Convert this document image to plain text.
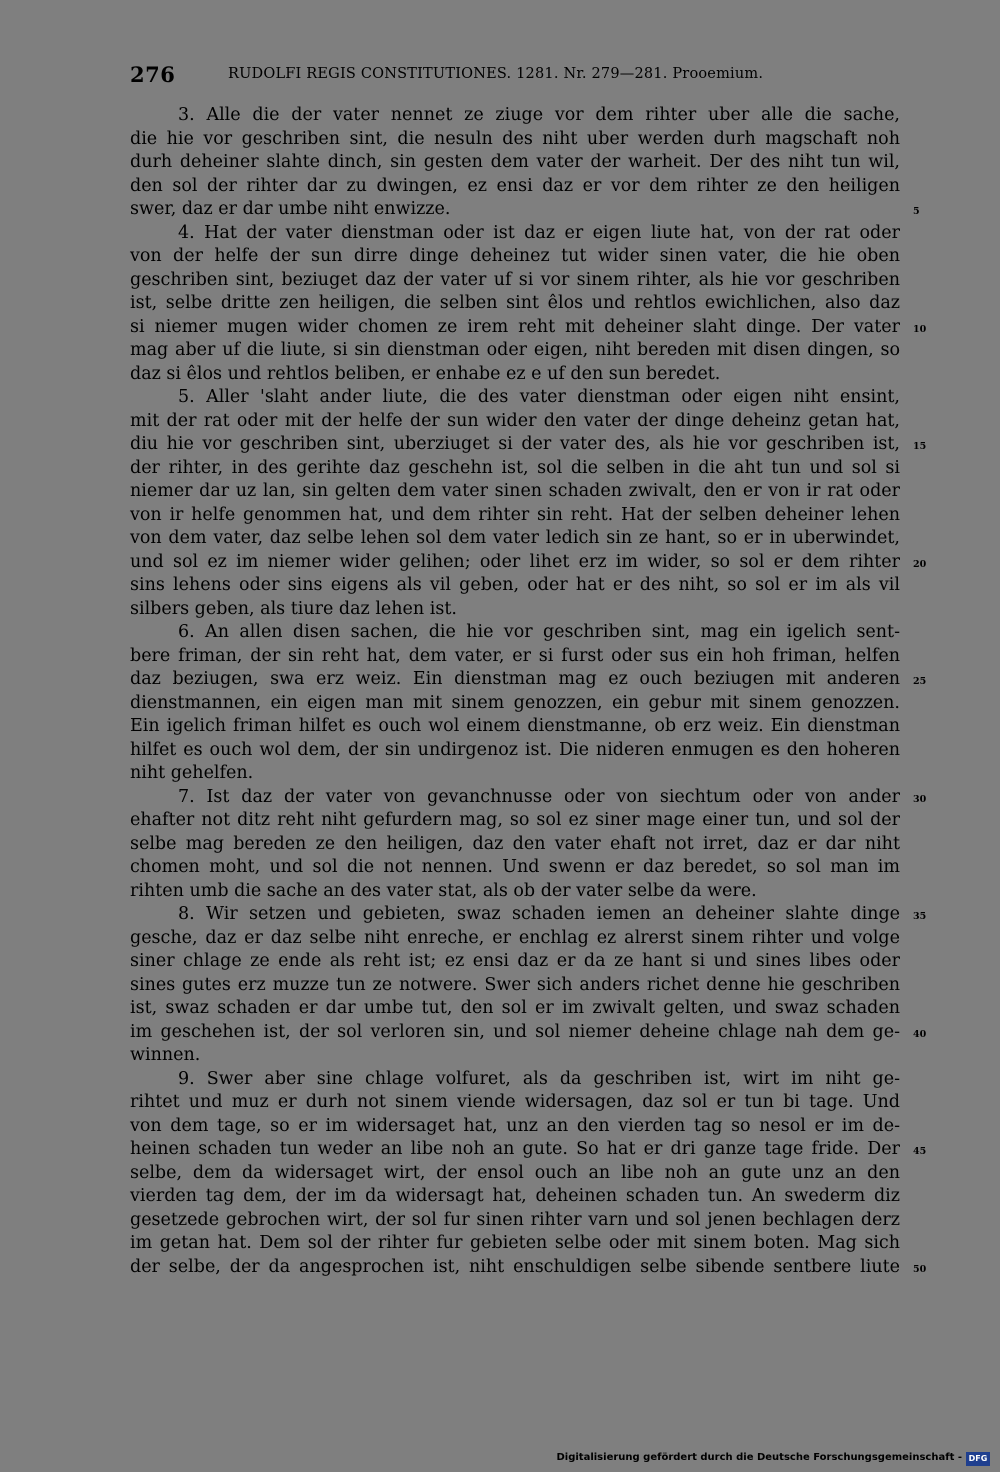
276	RUDOLFI REGIS CONSTITUTIONES. 1281. Nr. 279—281. Prooemium.
3. Alle die der vater nennet ze ziuge vor dem rihter uber alle die sache,
die hie vor geschriben sint, die nesuln des niht uber werden durh magschaft noh
durh deheiner slahte dinch, sin gesten dem vater der warheit. Der des niht tun wil,
den sol der rihter dar zu dwingen, ez ensi daz er vor dem rihter ze den heiligen
swer, daz er dar umbe niht enwizze.	5
4. Hat der vater dienstman oder ist daz er eigen liute hat, von der rat oder
von der helfe der sun dirre dinge deheinez tut wider sinen vater, die hie oben
geschriben sint, beziuget daz der vater uf si vor sinem rihter, als hie vor geschriben
ist, selbe dritte zen heiligen, die selben sint êlos und rehtlos ewichlichen, also daz
si niemer mugen wider chomen ze irem reht mit deheiner slaht dinge. Der vater 10
mag aber uf die liute, si sin dienstman oder eigen, niht bereden mit disen dingen, so
daz si êlos und rehtlos beliben, er enhabe ez e uf den sun beredet.
5. Aller 'slaht ander liute, die des vater dienstman oder eigen niht ensint,
mit der rat oder mit der helfe der sun wider den vater der dinge deheinz getan hat,
diu hie vor geschriben sint, uberziuget si der vater des, als hie vor geschriben ist, 15
der rihter, in des gerihte daz geschehn ist, sol die selben in die aht tun und sol si
niemer dar uz lan, sin gelten dem vater sinen schaden zwivalt, den er von ir rat oder
von ir helfe genommen hat, und dem rihter sin reht. Hat der selben deheiner lehen
von dem vater, daz selbe lehen sol dem vater ledich sin ze hant, so er in uberwindet,
und sol ez im niemer wider gelihen; oder lihet erz im wider, so sol er dem rihter 20
sins lehens oder sins eigens als vil geben, oder hat er des niht, so sol er im als vil
silbers geben, als tiure daz lehen ist.
6. An allen disen sachen, die hie vor geschriben sint, mag ein igelich sent-
bere friman, der sin reht hat, dem vater, er si furst oder sus ein hoh friman, helfen
daz beziugen, swa erz weiz. Ein dienstman mag ez ouch beziugen mit anderen 25
dienstmannen, ein eigen man mit sinem genozzen, ein gebur mit sinem genozzen.
Ein igelich friman hilfet es ouch wol einem dienstmanne, ob erz weiz. Ein dienstman
hilfet es ouch wol dem, der sin undirgenoz ist. Die nideren enmugen es den hoheren
niht gehelfen.
7. Ist daz der vater von gevanchnusse oder von siechtum oder von ander 30
ehafter not ditz reht niht gefurdern mag, so sol ez siner mage einer tun, und sol der
selbe mag bereden ze den heiligen, daz den vater ehaft not irret, daz er dar niht
chomen moht, und sol die not nennen. Und swenn er daz beredet, so sol man im
rihten umb die sache an des vater stat, als ob der vater selbe da were.
8. Wir setzen und gebieten, swaz schaden iemen an deheiner slahte dinge 35
gesche, daz er daz selbe niht enreche, er enchlag ez alrerst sinem rihter und volge
siner chlage ze ende als reht ist; ez ensi daz er da ze hant si und sines libes oder
sines gutes erz muzze tun ze notwere. Swer sich anders richet denne hie geschriben
ist, swaz schaden er dar umbe tut, den sol er im zwivalt gelten, und swaz schaden
im geschehen ist, der sol verloren sin, und sol niemer deheine chlage nah dem ge- 40
winnen.
9. Swer aber sine chlage volfuret, als da geschriben ist, wirt im niht ge-
rihtet und muz er durh not sinem viende widersagen, daz sol er tun bi tage. Und
von dem tage, so er im widersaget hat, unz an den vierden tag so nesol er im de-
heinen schaden tun weder an libe noh an gute. So hat er dri ganze tage fride. Der 45
selbe, dem da widersaget wirt, der ensol ouch an libe noh an gute unz an den
vierden tag dem, der im da widersagt hat, deheinen schaden tun. An swederm diz
gesetzede gebrochen wirt, der sol fur sinen rihter varn und sol jenen bechlagen derz
im getan hat. Dem sol der rihter fur gebieten selbe oder mit sinem boten. Mag sich
der selbe, der da angesprochen ist, niht enschuldigen selbe sibende sentbere liute 50
Digitalisierung gefördert durch die Deutsche Forschungsgemeinschaft - DFG
